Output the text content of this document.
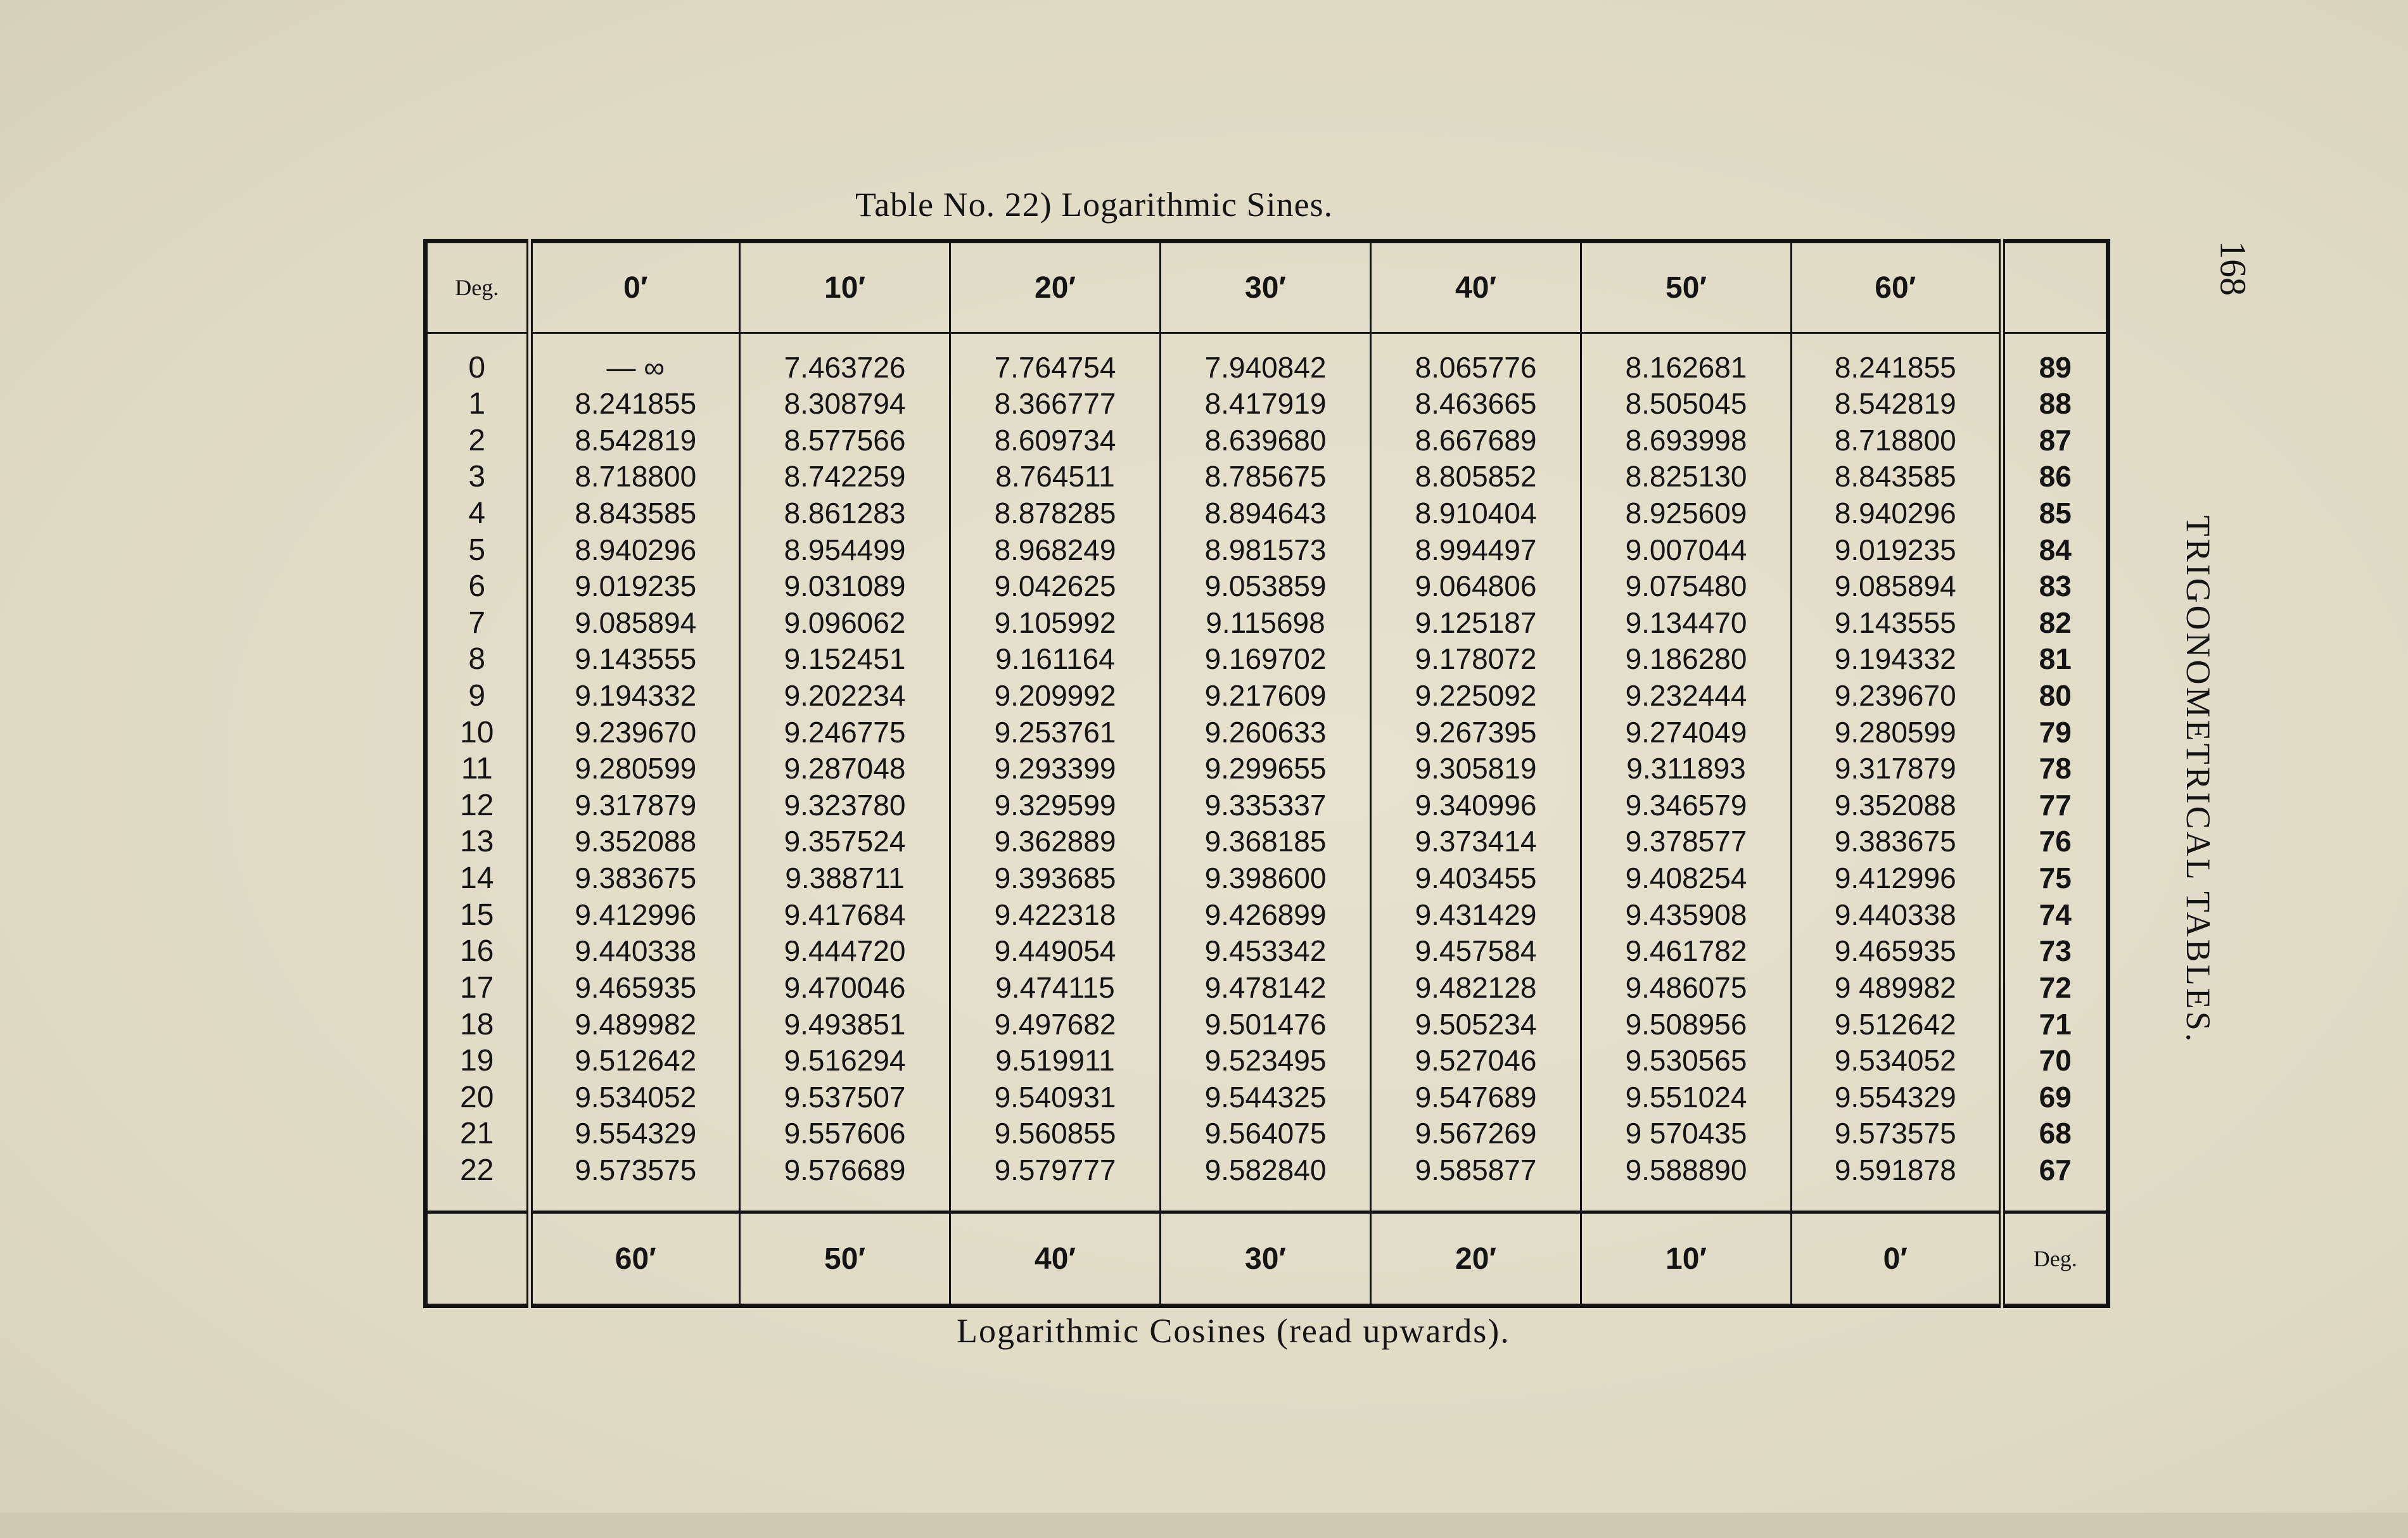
Table No. 22) Logarithmic Sines.
168
TRIGONOMETRICAL TABLES.
Deg.	0′	10′	20′	30′	40′	50′	60′	

0	— ∞	7.463726	7.764754	7.940842	8.065776	8.162681	8.241855	89
1	8.241855	8.308794	8.366777	8.417919	8.463665	8.505045	8.542819	88
2	8.542819	8.577566	8.609734	8.639680	8.667689	8.693998	8.718800	87
3	8.718800	8.742259	8.764511	8.785675	8.805852	8.825130	8.843585	86
4	8.843585	8.861283	8.878285	8.894643	8.910404	8.925609	8.940296	85
5	8.940296	8.954499	8.968249	8.981573	8.994497	9.007044	9.019235	84
6	9.019235	9.031089	9.042625	9.053859	9.064806	9.075480	9.085894	83
7	9.085894	9.096062	9.105992	9.115698	9.125187	9.134470	9.143555	82
8	9.143555	9.152451	9.161164	9.169702	9.178072	9.186280	9.194332	81
9	9.194332	9.202234	9.209992	9.217609	9.225092	9.232444	9.239670	80
10	9.239670	9.246775	9.253761	9.260633	9.267395	9.274049	9.280599	79
11	9.280599	9.287048	9.293399	9.299655	9.305819	9.311893	9.317879	78
12	9.317879	9.323780	9.329599	9.335337	9.340996	9.346579	9.352088	77
13	9.352088	9.357524	9.362889	9.368185	9.373414	9.378577	9.383675	76
14	9.383675	9.388711	9.393685	9.398600	9.403455	9.408254	9.412996	75
15	9.412996	9.417684	9.422318	9.426899	9.431429	9.435908	9.440338	74
16	9.440338	9.444720	9.449054	9.453342	9.457584	9.461782	9.465935	73
17	9.465935	9.470046	9.474115	9.478142	9.482128	9.486075	9 489982	72
18	9.489982	9.493851	9.497682	9.501476	9.505234	9.508956	9.512642	71
19	9.512642	9.516294	9.519911	9.523495	9.527046	9.530565	9.534052	70
20	9.534052	9.537507	9.540931	9.544325	9.547689	9.551024	9.554329	69
21	9.554329	9.557606	9.560855	9.564075	9.567269	9 570435	9.573575	68
22	9.573575	9.576689	9.579777	9.582840	9.585877	9.588890	9.591878	67

	60′	50′	40′	30′	20′	10′	0′	Deg.
Logarithmic Cosines (read upwards).
